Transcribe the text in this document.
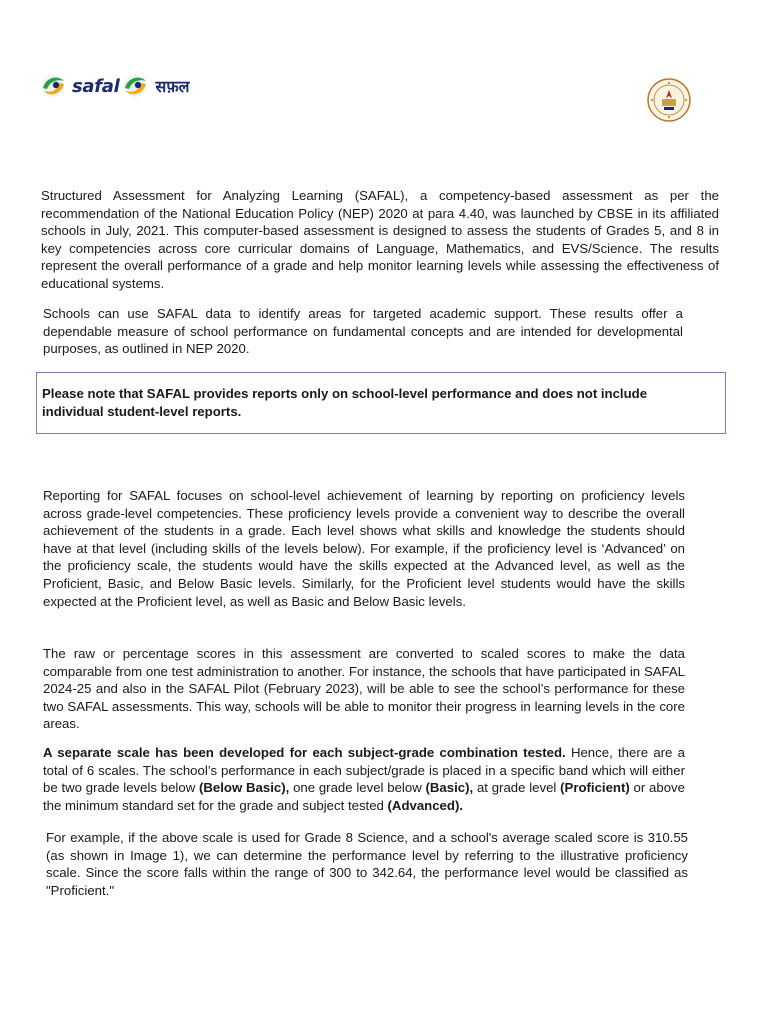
safal सफ़ल

Structured Assessment for Analyzing Learning (SAFAL), a competency-based assessment as per the recommendation of the National Education Policy (NEP) 2020 at para 4.40, was launched by CBSE in its affiliated schools in July, 2021. This computer-based assessment is designed to assess the students of Grades 5, and 8 in key competencies across core curricular domains of Language, Mathematics, and EVS/Science. The results represent the overall performance of a grade and help monitor learning levels while assessing the effectiveness of educational systems.

Schools can use SAFAL data to identify areas for targeted academic support. These results offer a dependable measure of school performance on fundamental concepts and are intended for developmental purposes, as outlined in NEP 2020.

Please note that SAFAL provides reports only on school-level performance and does not include individual student-level reports.

Reporting for SAFAL focuses on school-level achievement of learning by reporting on proficiency levels across grade-level competencies. These proficiency levels provide a convenient way to describe the overall achievement of the students in a grade. Each level shows what skills and knowledge the students should have at that level (including skills of the levels below). For example, if the proficiency level is ‘Advanced’ on the proficiency scale, the students would have the skills expected at the Advanced level, as well as the Proficient, Basic, and Below Basic levels. Similarly, for the Proficient level students would have the skills expected at the Proficient level, as well as Basic and Below Basic levels.

The raw or percentage scores in this assessment are converted to scaled scores to make the data comparable from one test administration to another. For instance, the schools that have participated in SAFAL 2024-25 and also in the SAFAL Pilot (February 2023), will be able to see the school’s performance for these two SAFAL assessments. This way, schools will be able to monitor their progress in learning levels in the core areas.

A separate scale has been developed for each subject-grade combination tested. Hence, there are a total of 6 scales. The school’s performance in each subject/grade is placed in a specific band which will either be two grade levels below (Below Basic), one grade level below (Basic), at grade level (Proficient) or above the minimum standard set for the grade and subject tested (Advanced).

For example, if the above scale is used for Grade 8 Science, and a school's average scaled score is 310.55 (as shown in Image 1), we can determine the performance level by referring to the illustrative proficiency scale. Since the score falls within the range of 300 to 342.64, the performance level would be classified as "Proficient."
